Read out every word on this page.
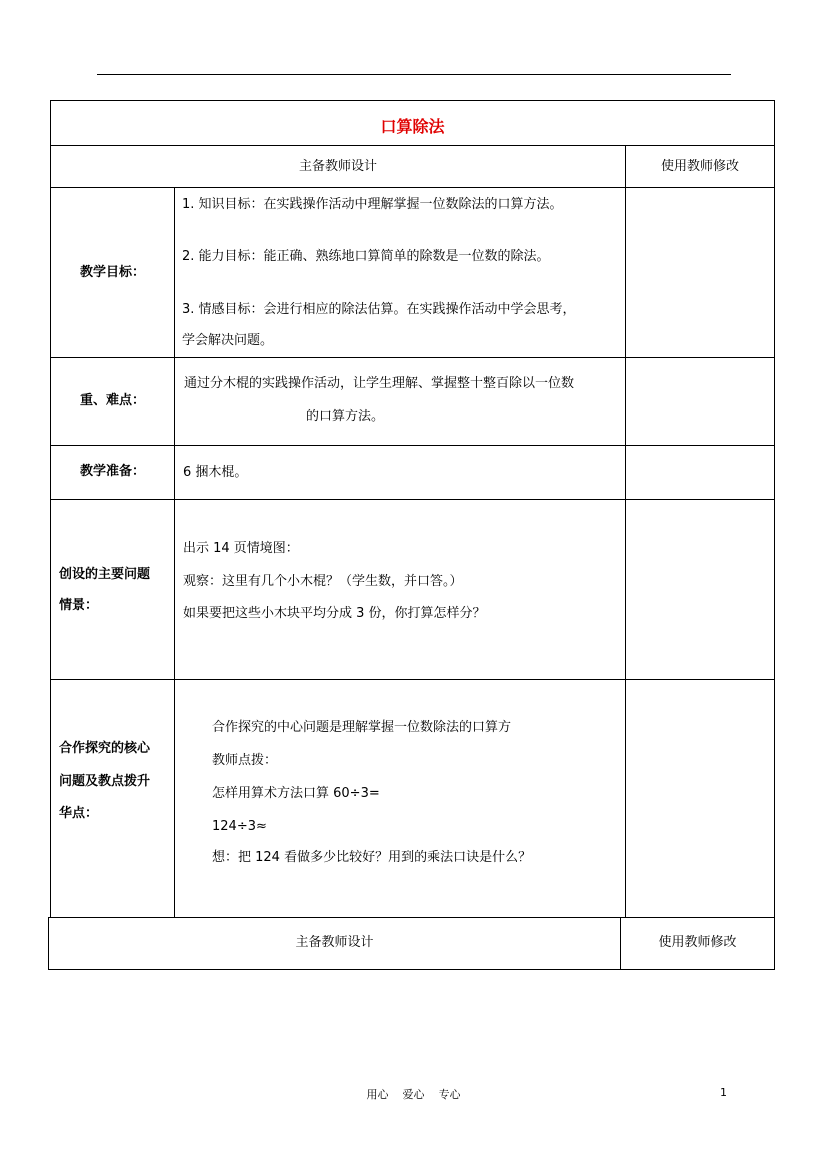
口算除法
主备教师设计	使用教师修改
教学目标：
1. 知识目标：在实践操作活动中理解掌握一位数除法的口算方法。
2. 能力目标：能正确、熟练地口算简单的除数是一位数的除法。
3. 情感目标：会进行相应的除法估算。在实践操作活动中学会思考，
学会解决问题。
重、难点：
通过分木棍的实践操作活动，让学生理解、掌握整十整百除以一位数
的口算方法。
教学准备：	6 捆木棍。
创设的主要问题
情景：
出示 14 页情境图：
观察：这里有几个小木棍？（学生数，并口答。）
如果要把这些小木块平均分成 3 份，你打算怎样分？
合作探究的核心
问题及教点拨升
华点：
合作探究的中心问题是理解掌握一位数除法的口算方
教师点拨：
怎样用算术方法口算 60÷3=
124÷3≈
想：把 124 看做多少比较好？用到的乘法口诀是什么？
主备教师设计	使用教师修改
用心    爱心    专心	1
